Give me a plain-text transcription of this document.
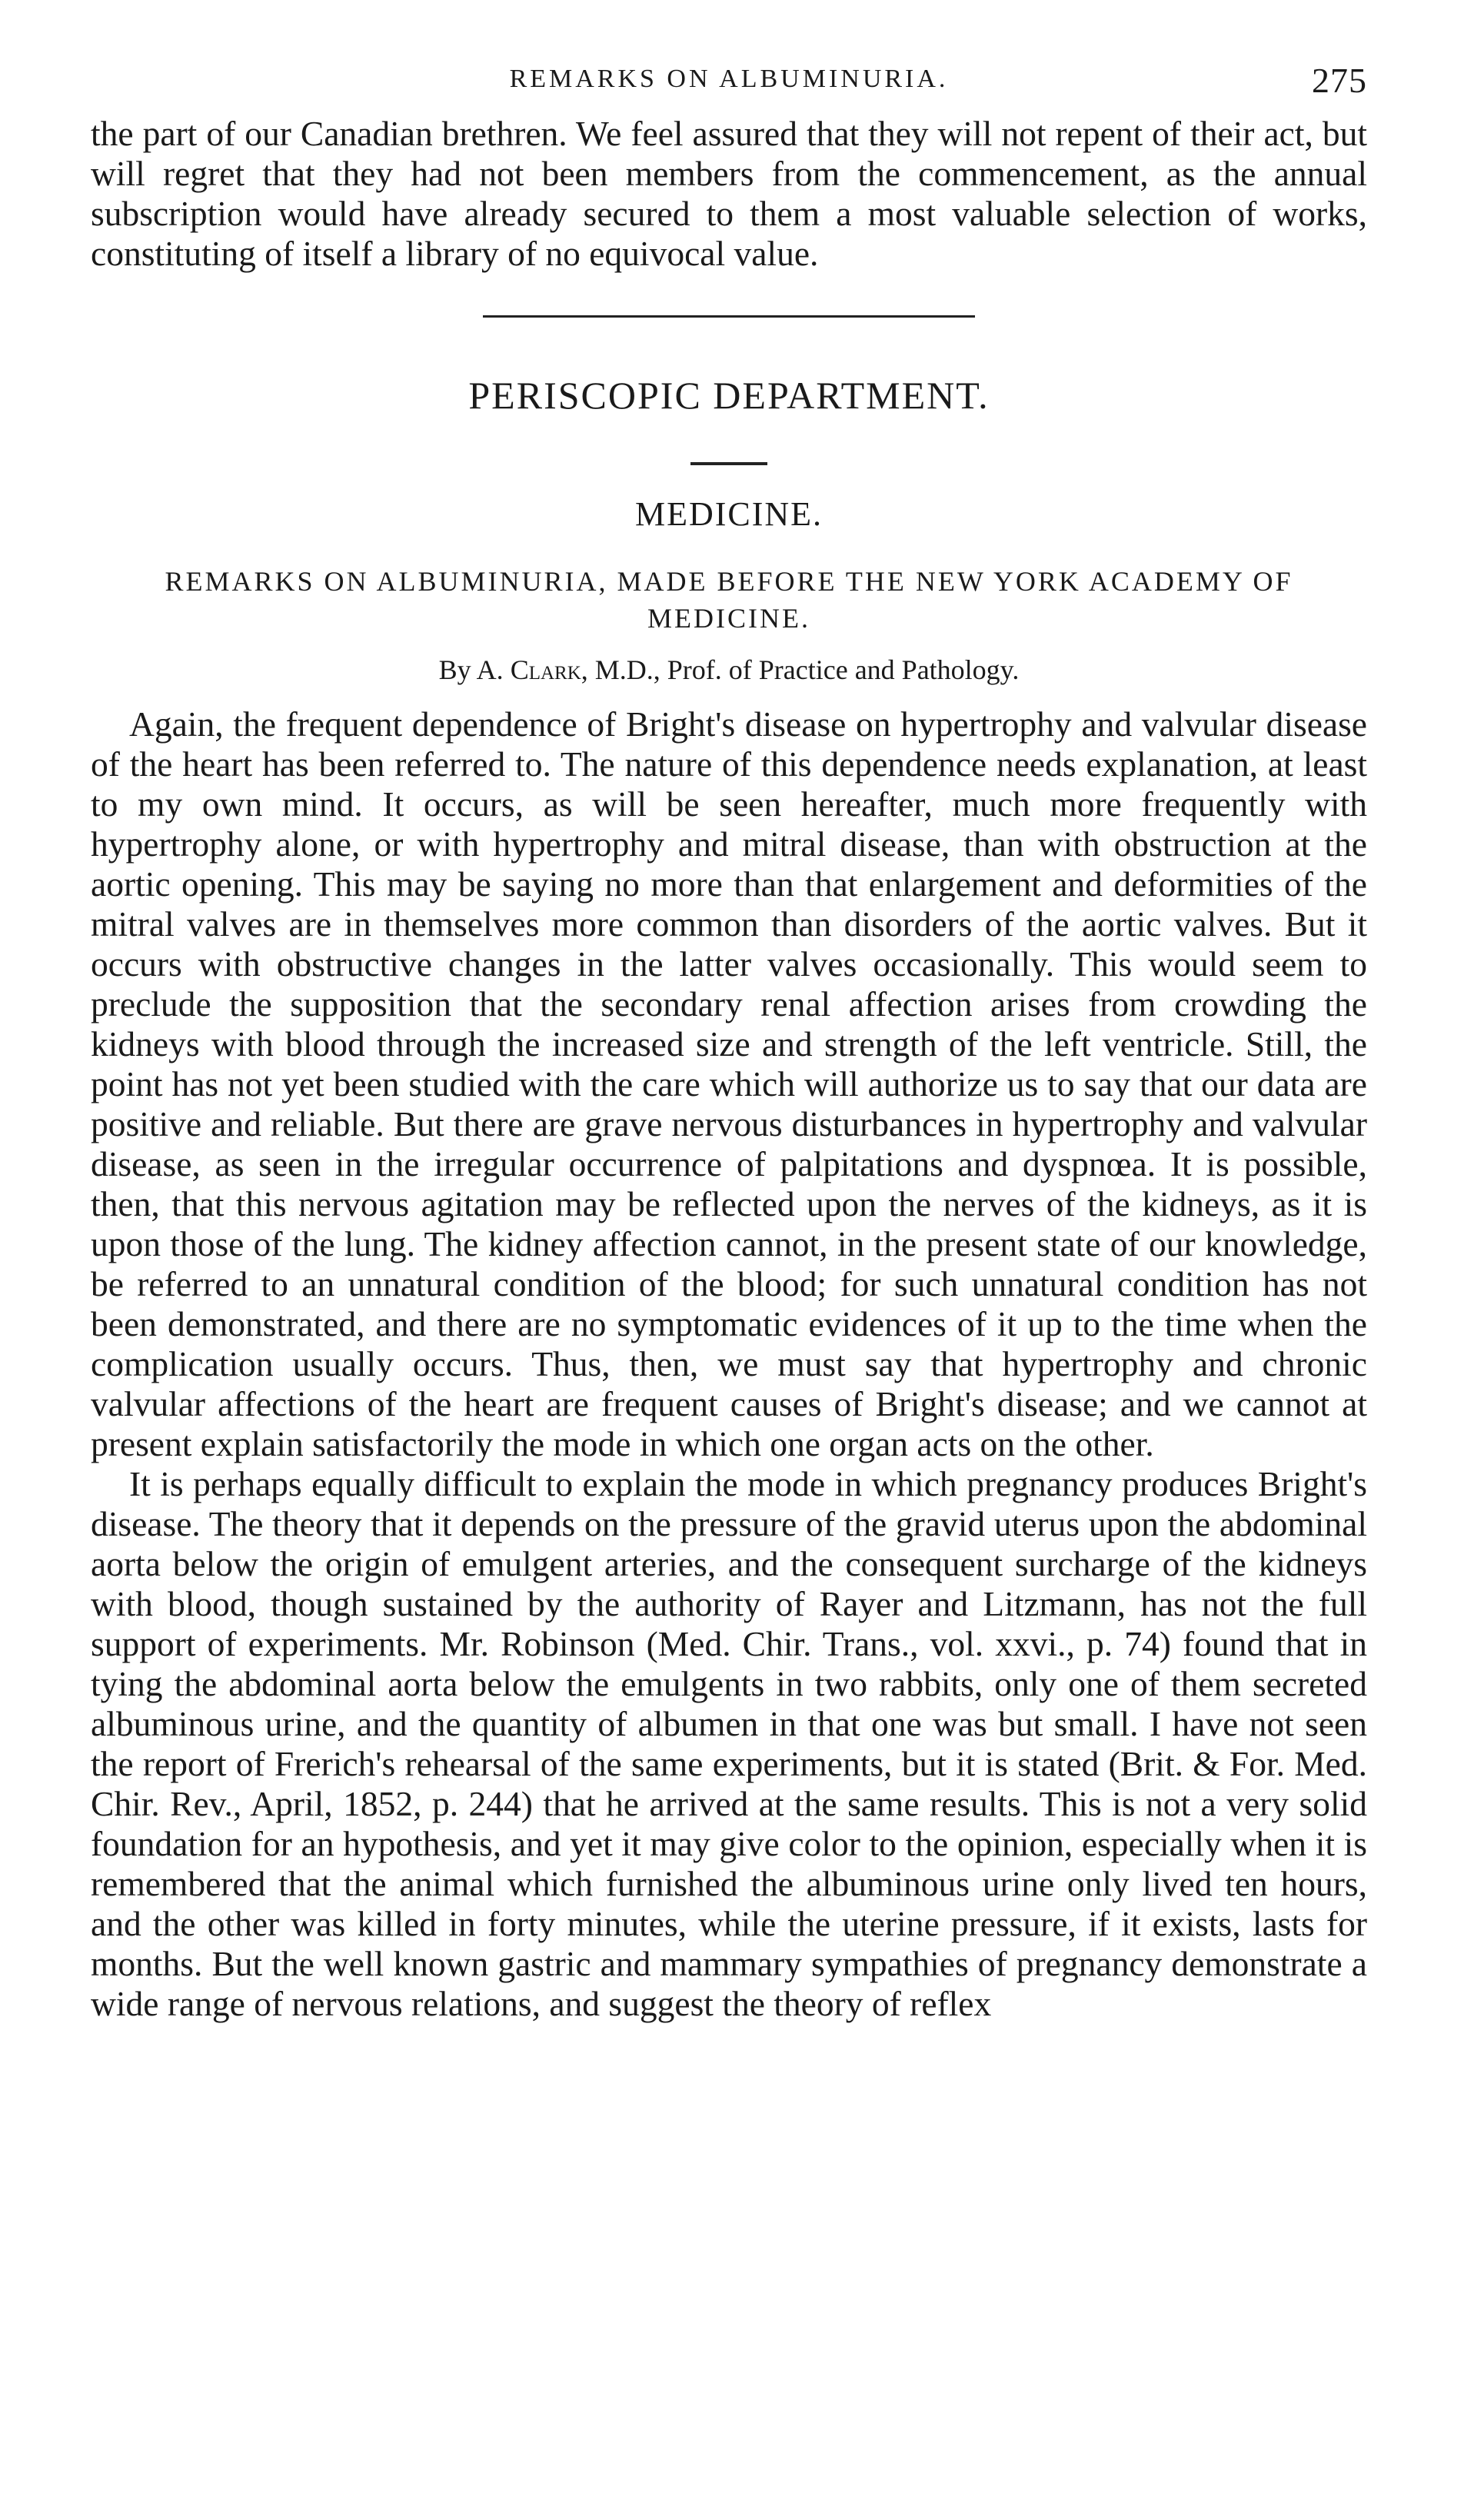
REMARKS ON ALBUMINURIA.	275

the part of our Canadian brethren. We feel assured that they will not repent of their act, but will regret that they had not been members from the commencement, as the annual subscription would have already secured to them a most valuable selection of works, constituting of itself a library of no equivocal value.

PERISCOPIC DEPARTMENT.
MEDICINE.
REMARKS ON ALBUMINURIA, MADE BEFORE THE NEW YORK ACADEMY OF MEDICINE.
By A. Clark, M.D., Prof. of Practice and Pathology.

Again, the frequent dependence of Bright's disease on hypertrophy and valvular disease of the heart has been referred to. The nature of this dependence needs explanation, at least to my own mind. It occurs, as will be seen hereafter, much more frequently with hypertrophy alone, or with hypertrophy and mitral disease, than with obstruction at the aortic opening. This may be saying no more than that enlargement and deformities of the mitral valves are in themselves more common than disorders of the aortic valves. But it occurs with obstructive changes in the latter valves occasionally. This would seem to preclude the supposition that the secondary renal affection arises from crowding the kidneys with blood through the increased size and strength of the left ventricle. Still, the point has not yet been studied with the care which will authorize us to say that our data are positive and reliable. But there are grave nervous disturbances in hypertrophy and valvular disease, as seen in the irregular occurrence of palpitations and dyspnœa. It is possible, then, that this nervous agitation may be reflected upon the nerves of the kidneys, as it is upon those of the lung. The kidney affection cannot, in the present state of our knowledge, be referred to an unnatural condition of the blood; for such unnatural condition has not been demonstrated, and there are no symptomatic evidences of it up to the time when the complication usually occurs. Thus, then, we must say that hypertrophy and chronic valvular affections of the heart are frequent causes of Bright's disease; and we cannot at present explain satisfactorily the mode in which one organ acts on the other.

It is perhaps equally difficult to explain the mode in which pregnancy produces Bright's disease. The theory that it depends on the pressure of the gravid uterus upon the abdominal aorta below the origin of emulgent arteries, and the consequent surcharge of the kidneys with blood, though sustained by the authority of Rayer and Litzmann, has not the full support of experiments. Mr. Robinson (Med. Chir. Trans., vol. xxvi., p. 74) found that in tying the abdominal aorta below the emulgents in two rabbits, only one of them secreted albuminous urine, and the quantity of albumen in that one was but small. I have not seen the report of Frerich's rehearsal of the same experiments, but it is stated (Brit. & For. Med. Chir. Rev., April, 1852, p. 244) that he arrived at the same results. This is not a very solid foundation for an hypothesis, and yet it may give color to the opinion, especially when it is remembered that the animal which furnished the albuminous urine only lived ten hours, and the other was killed in forty minutes, while the uterine pressure, if it exists, lasts for months. But the well known gastric and mammary sympathies of pregnancy demonstrate a wide range of nervous relations, and suggest the theory of reflex
